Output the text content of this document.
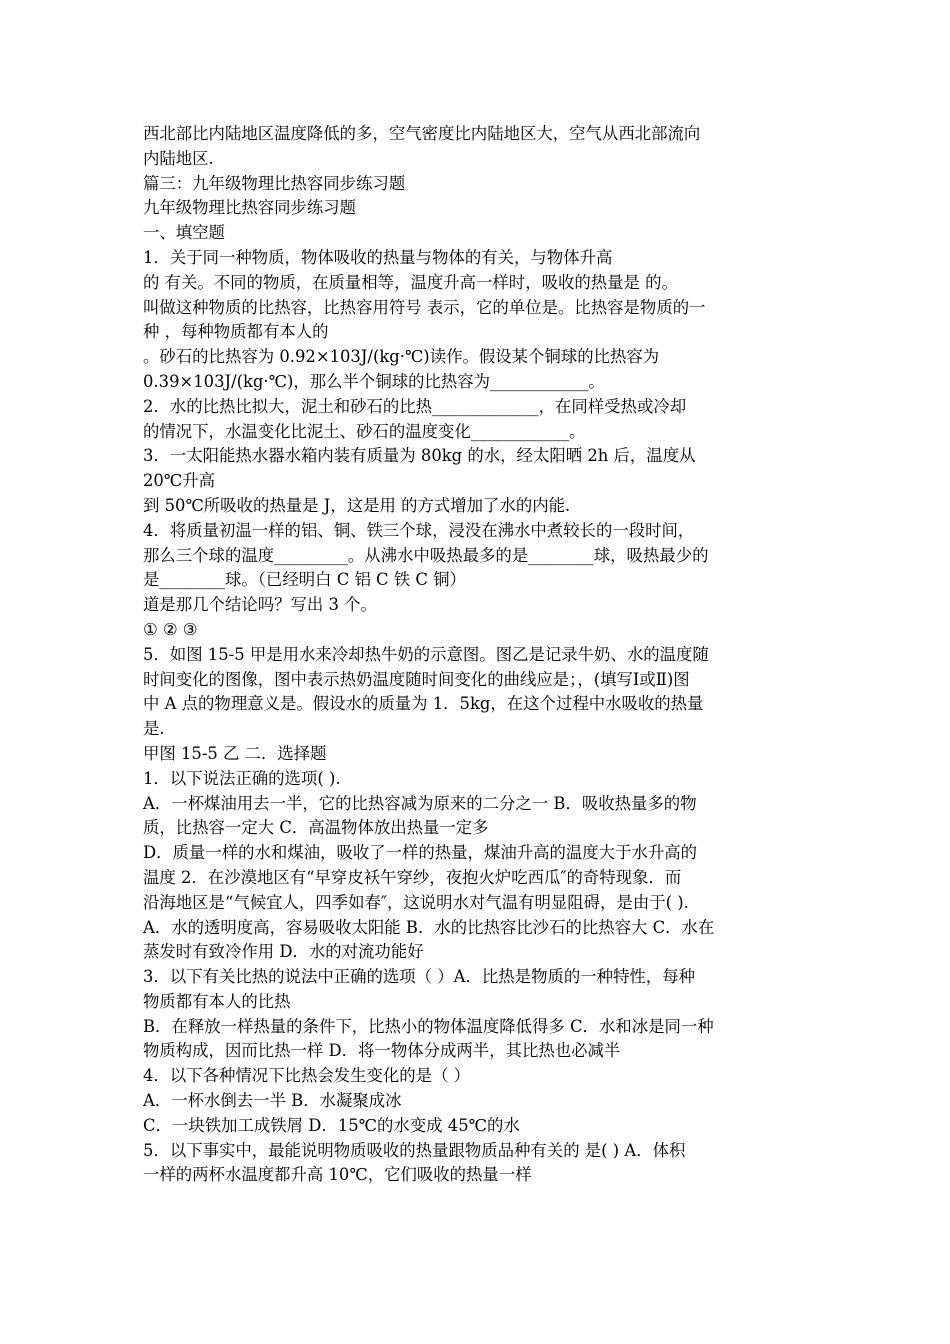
西北部比内陆地区温度降低的多，空气密度比内陆地区大，空气从西北部流向
内陆地区.
篇三：九年级物理比热容同步练习题
九年级物理比热容同步练习题
一、填空题
1．关于同一种物质，物体吸收的热量与物体的有关，与物体升高
的 有关。不同的物质，在质量相等，温度升高一样时，吸收的热量是 的。
叫做这种物质的比热容，比热容用符号 表示，它的单位是。比热容是物质的一
种 ，每种物质都有本人的
。砂石的比热容为 0.92×103J/(kg·℃)读作。假设某个铜球的比热容为
0.39×103J/(kg·℃)，那么半个铜球的比热容为____________。
2．水的比热比拟大，泥土和砂石的比热_____________，在同样受热或冷却
的情况下，水温变化比泥土、砂石的温度变化____________。
3．一太阳能热水器水箱内装有质量为 80kg 的水，经太阳晒 2h 后，温度从
20℃升高
到 50℃所吸收的热量是 J，这是用 的方式增加了水的内能.
4．将质量初温一样的铝、铜、铁三个球，浸没在沸水中煮较长的一段时间，
那么三个球的温度_________。从沸水中吸热最多的是________球，吸热最少的
是________球。（已经明白 C 铝 C 铁 C 铜）
道是那几个结论吗？写出 3 个。
① ② ③
5．如图 15-5 甲是用水来冷却热牛奶的示意图。图乙是记录牛奶、水的温度随
时间变化的图像，图中表示热奶温度随时间变化的曲线应是；，(填写Ⅰ或Ⅱ)图
中 A 点的物理意义是。假设水的质量为 1．5kg，在这个过程中水吸收的热量
是.
甲图 15-5 乙 二．选择题
1．以下说法正确的选项( ).
A．一杯煤油用去一半，它的比热容减为原来的二分之一 B．吸收热量多的物
质，比热容一定大 C．高温物体放出热量一定多
D．质量一样的水和煤油，吸收了一样的热量，煤油升高的温度大于水升高的
温度 2．在沙漠地区有“早穿皮袄午穿纱，夜抱火炉吃西瓜″的奇特现象．而
沿海地区是“气候宜人，四季如春″，这说明水对气温有明显阻碍，是由于( ).
A．水的透明度高，容易吸收太阳能 B．水的比热容比沙石的比热容大 C．水在
蒸发时有致冷作用 D．水的对流功能好
3．以下有关比热的说法中正确的选项（ ）A．比热是物质的一种特性，每种
物质都有本人的比热
B．在释放一样热量的条件下，比热小的物体温度降低得多 C．水和冰是同一种
物质构成，因而比热一样 D．将一物体分成两半，其比热也必减半
4．以下各种情况下比热会发生变化的是（ ）
A．一杯水倒去一半 B．水凝聚成冰
C．一块铁加工成铁屑 D．15℃的水变成 45℃的水
5．以下事实中，最能说明物质吸收的热量跟物质品种有关的 是( ) A．体积
一样的两杯水温度都升高 10℃，它们吸收的热量一样
